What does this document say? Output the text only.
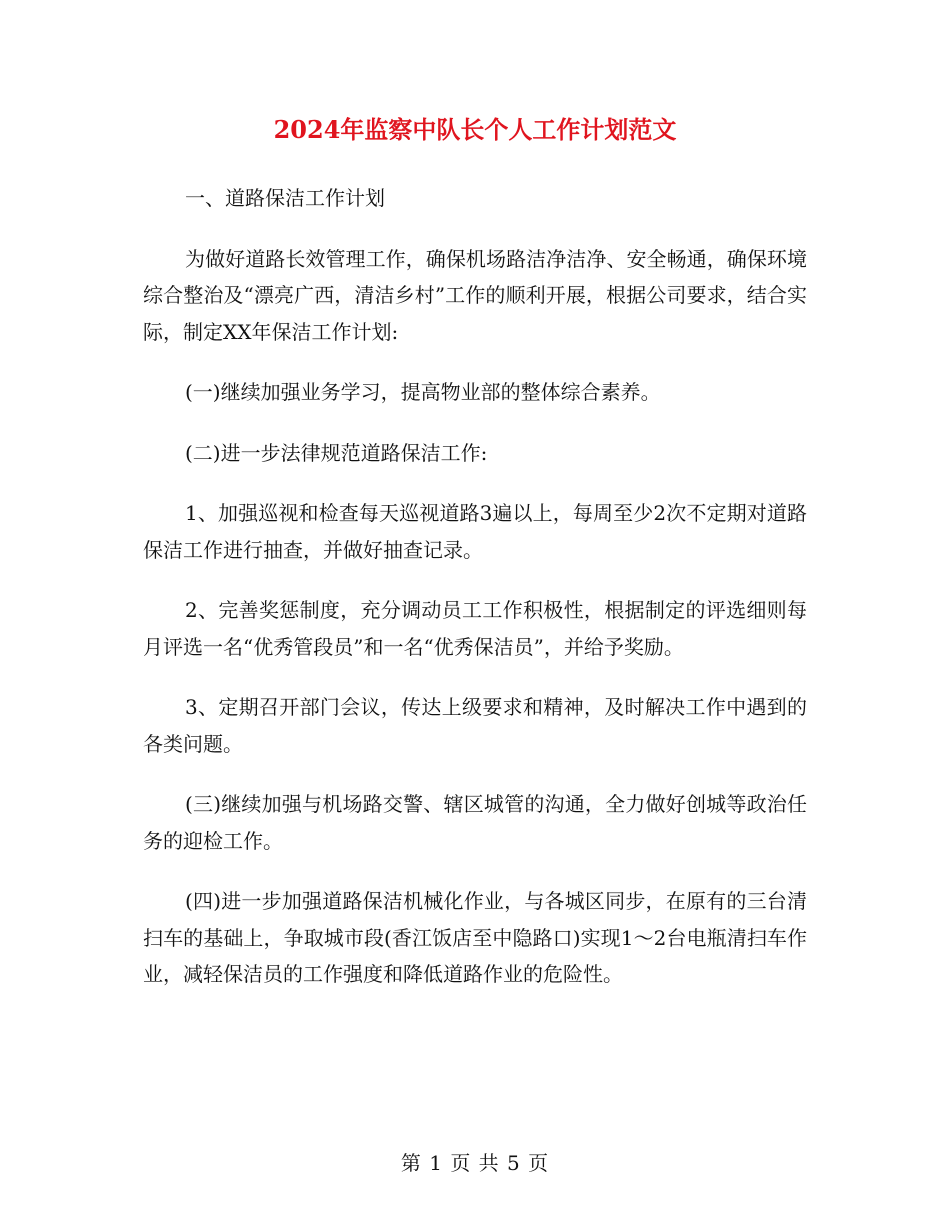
2024年监察中队长个人工作计划范文

一、道路保洁工作计划

为做好道路长效管理工作，确保机场路洁净洁净、安全畅通，确保环境综合整治及“漂亮广西，清洁乡村”工作的顺利开展，根据公司要求，结合实际，制定XX年保洁工作计划:

(一)继续加强业务学习，提高物业部的整体综合素养。

(二)进一步法律规范道路保洁工作:

1、加强巡视和检查每天巡视道路3遍以上，每周至少2次不定期对道路保洁工作进行抽查，并做好抽查记录。

2、完善奖惩制度，充分调动员工工作积极性，根据制定的评选细则每月评选一名“优秀管段员”和一名“优秀保洁员”，并给予奖励。

3、定期召开部门会议，传达上级要求和精神，及时解决工作中遇到的各类问题。

(三)继续加强与机场路交警、辖区城管的沟通，全力做好创城等政治任务的迎检工作。

(四)进一步加强道路保洁机械化作业，与各城区同步，在原有的三台清扫车的基础上，争取城市段(香江饭店至中隐路口)实现1～2台电瓶清扫车作业，减轻保洁员的工作强度和降低道路作业的危险性。

第 1 页 共 5 页
